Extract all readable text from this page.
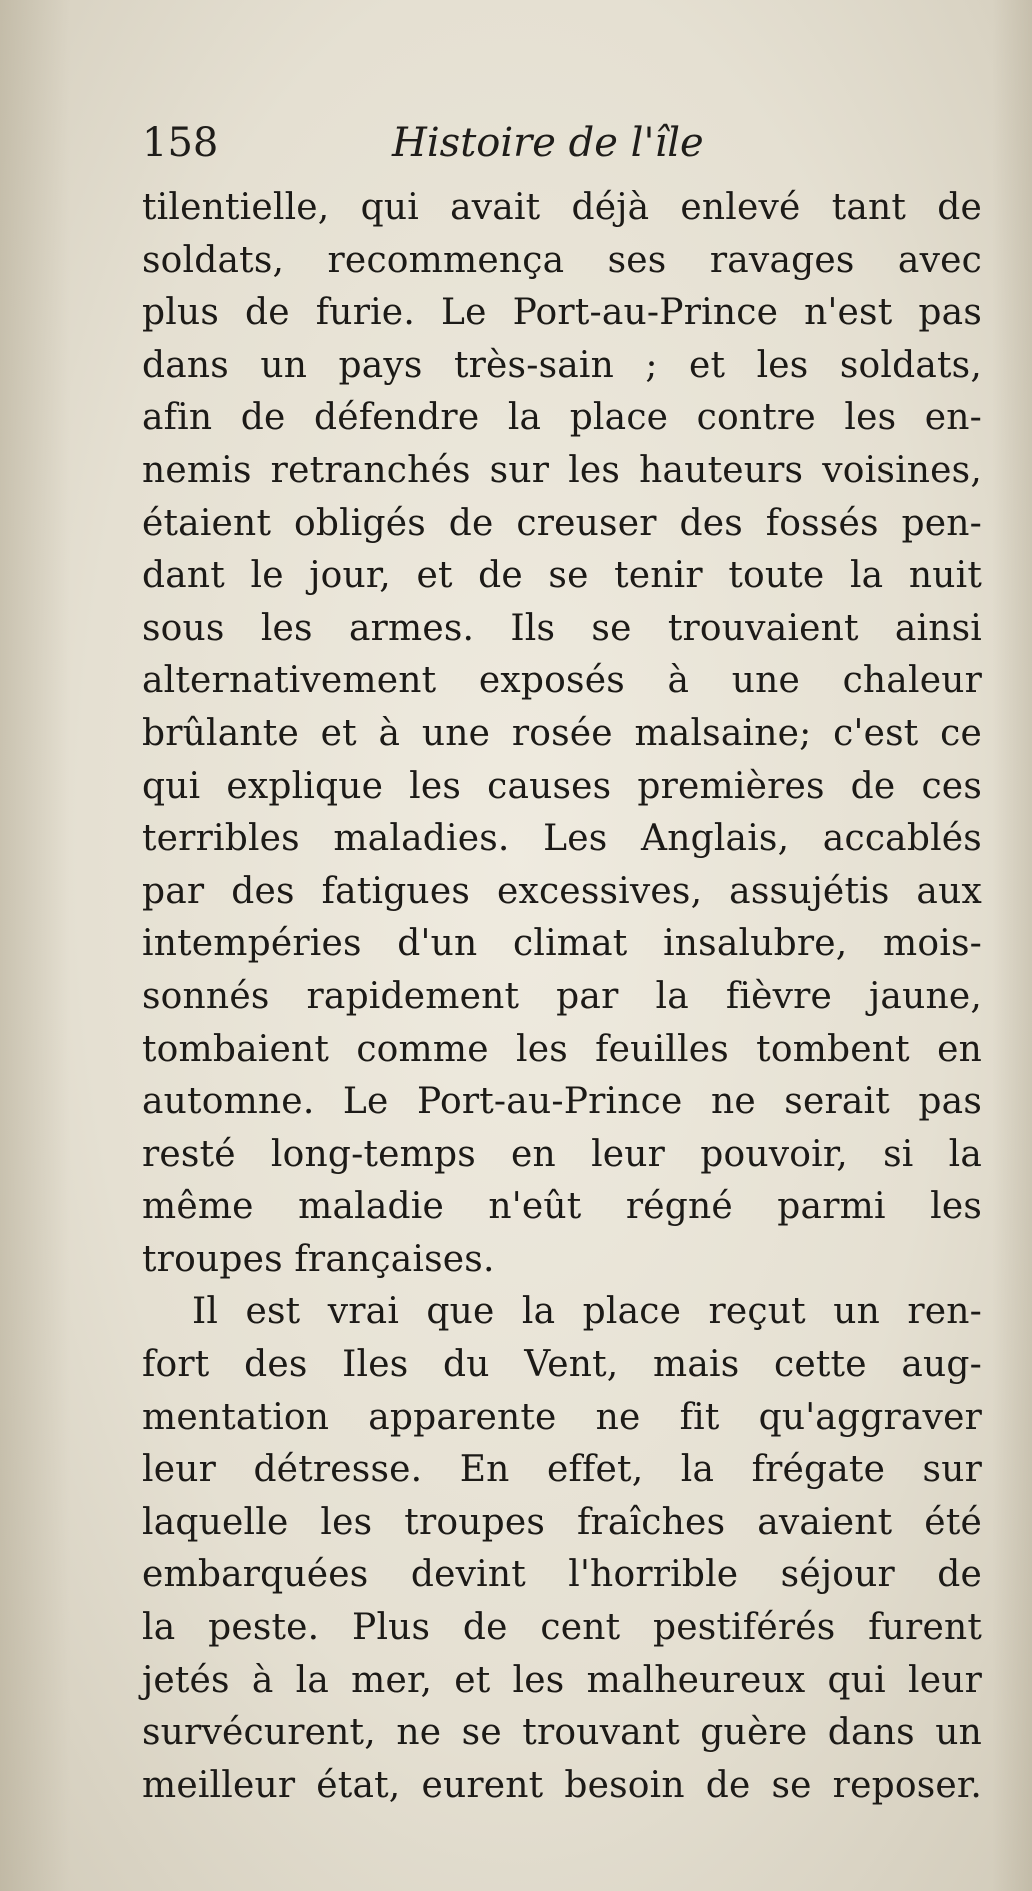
158	Histoire de l'île
tilentielle, qui avait déjà enlevé tant de
soldats, recommença ses ravages avec
plus de furie. Le Port-au-Prince n'est pas
dans un pays très-sain ; et les soldats,
afin de défendre la place contre les en-
nemis retranchés sur les hauteurs voisines,
étaient obligés de creuser des fossés pen-
dant le jour, et de se tenir toute la nuit
sous les armes. Ils se trouvaient ainsi
alternativement exposés à une chaleur
brûlante et à une rosée malsaine; c'est ce
qui explique les causes premières de ces
terribles maladies. Les Anglais, accablés
par des fatigues excessives, assujétis aux
intempéries d'un climat insalubre, mois-
sonnés rapidement par la fièvre jaune,
tombaient comme les feuilles tombent en
automne. Le Port-au-Prince ne serait pas
resté long-temps en leur pouvoir, si la
même maladie n'eût régné parmi les
troupes françaises.
Il est vrai que la place reçut un ren-
fort des Iles du Vent, mais cette aug-
mentation apparente ne fit qu'aggraver
leur détresse. En effet, la frégate sur
laquelle les troupes fraîches avaient été
embarquées devint l'horrible séjour de
la peste. Plus de cent pestiférés furent
jetés à la mer, et les malheureux qui leur
survécurent, ne se trouvant guère dans un
meilleur état, eurent besoin de se reposer.
